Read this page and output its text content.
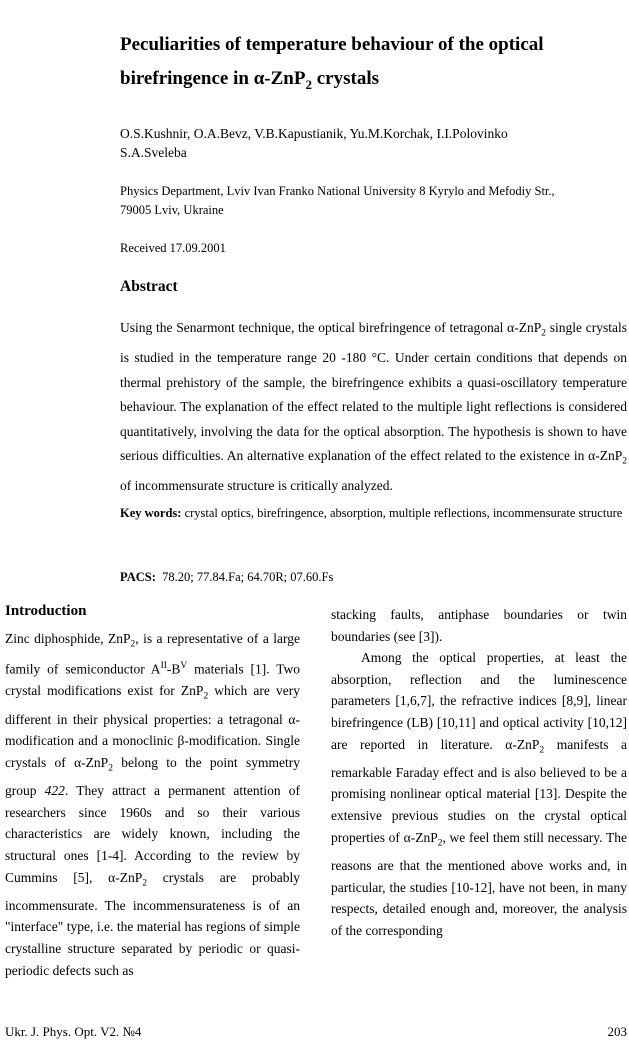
Peculiarities of temperature behaviour of the optical
birefringence in α-ZnP$_2$ crystals
O.S.Kushnir, O.A.Bevz, V.B.Kapustianik, Yu.M.Korchak, I.I.Polovinko
S.A.Sveleba
Physics Department, Lviv Ivan Franko National University 8 Kyrylo and Mefodiy Str.,
79005 Lviv, Ukraine
Received 17.09.2001
Abstract

Using the Senarmont technique, the optical birefringence of tetragonal α-ZnP$_2$ single crystals is studied in the temperature range 20 -180 °C. Under certain conditions that depends on thermal prehistory of the sample, the birefringence exhibits a quasi-oscillatory temperature behaviour. The explanation of the effect related to the multiple light reflections is considered quantitatively, involving the data for the optical absorption. The hypothesis is shown to have serious difficulties. An alternative explanation of the effect related to the existence in α-ZnP$_2$ of incommensurate structure is critically analyzed.

Key words: crystal optics, birefringence, absorption, multiple reflections, incommensurate structure
PACS:  78.20; 77.84.Fa; 64.70R; 07.60.Fs
Introduction

Zinc diphosphide, ZnP$_2$, is a representative of a large family of semiconductor $A^{II}-B^V$ materials [1]. Two crystal modifications exist for ZnP$_2$ which are very different in their physical properties: a tetragonal α-modification and a monoclinic β-modification. Single crystals of α-ZnP$_2$ belong to the point symmetry group 422. They attract a permanent attention of researchers since 1960s and so their various characteristics are widely known, including the structural ones [1-4]. According to the review by Cummins [5], α-ZnP$_2$ crystals are probably incommensurate. The incommensurateness is of an "interface" type, i.e. the material has regions of simple crystalline structure separated by periodic or quasi-periodic defects such as

stacking faults, antiphase boundaries or twin boundaries (see [3]).
Among the optical properties, at least the absorption, reflection and the luminescence parameters [1,6,7], the refractive indices [8,9], linear birefringence (LB) [10,11] and optical activity [10,12] are reported in literature. α-ZnP$_2$ manifests a remarkable Faraday effect and is also believed to be a promising nonlinear optical material [13]. Despite the extensive previous studies on the crystal optical properties of α-ZnP$_2$, we feel them still necessary. The reasons are that the mentioned above works and, in particular, the studies [10-12], have not been, in many respects, detailed enough and, moreover, the analysis of the corresponding

Ukr. J. Phys. Opt. V2. №4	203
